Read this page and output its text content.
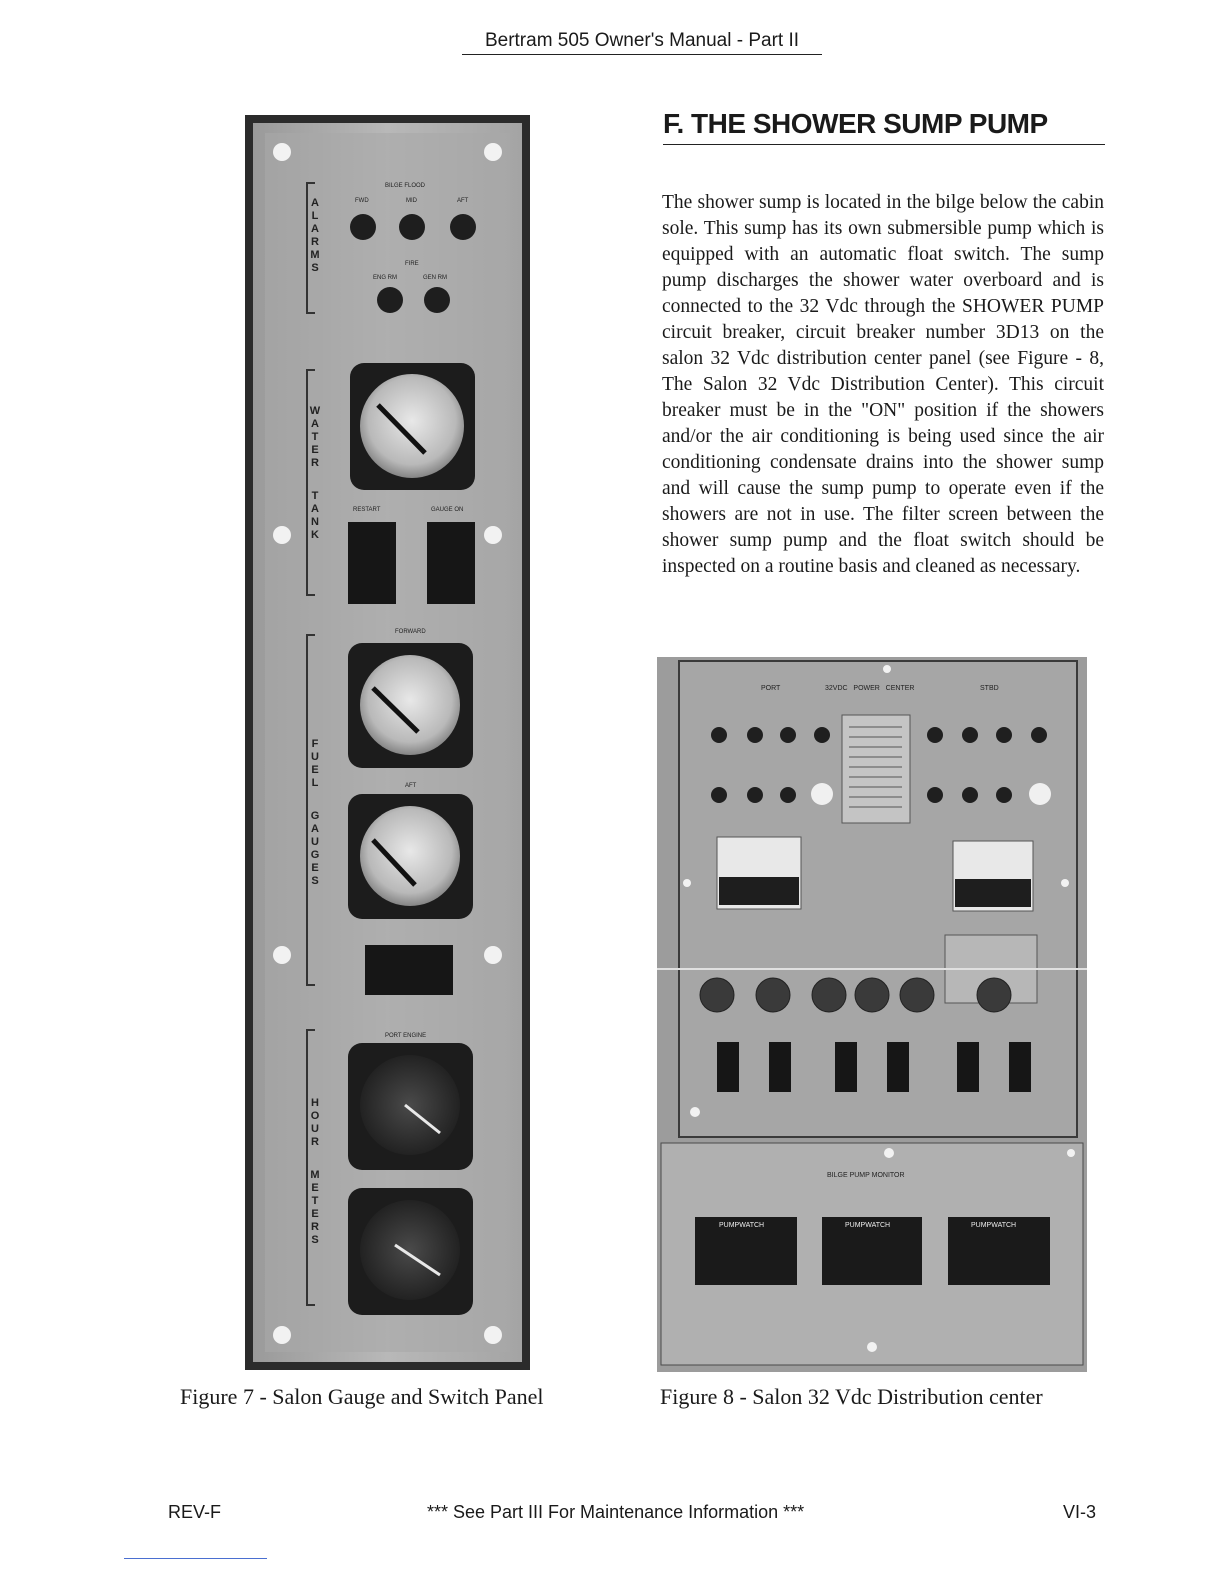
Bertram 505 Owner's Manual - Part II
BILGE FLOOD
FWD	MID	AFT
FIRE
ENG RM	GEN RM
RESTART	GAUGE ON
FORWARD
AFT
PORT ENGINE
A
L
A
R
M
S
W
A
T
E
R
T
A
N
K
F
U
E
L
G
A
U
G
E
S
H
O
U
R
M
E
T
E
R
S
F. THE SHOWER SUMP PUMP
The shower sump is located in the bilge below the cabin sole. This sump has its own submersible pump which is equipped with an automatic float switch. The sump pump discharges the shower water overboard and is connected to the 32 Vdc through the SHOWER PUMP circuit breaker, circuit breaker number 3D13 on the salon 32 Vdc distribution center panel (see Figure - 8, The Salon 32 Vdc Distribution Center). This circuit breaker must be in the "ON" position if the showers and/or the air conditioning is being used since the air conditioning condensate drains into the shower sump and will cause the sump pump to operate even if the showers are not in use. The filter screen between the shower sump pump and the float switch should be inspected on a routine basis and cleaned as necessary.
PORT	32VDC   POWER   CENTER	STBD
BILGE PUMP MONITOR
PUMPWATCH	PUMPWATCH	PUMPWATCH
Figure 7 - Salon Gauge and Switch Panel	Figure 8 - Salon 32 Vdc Distribution center
REV-F	*** See Part III For Maintenance Information ***	VI-3
